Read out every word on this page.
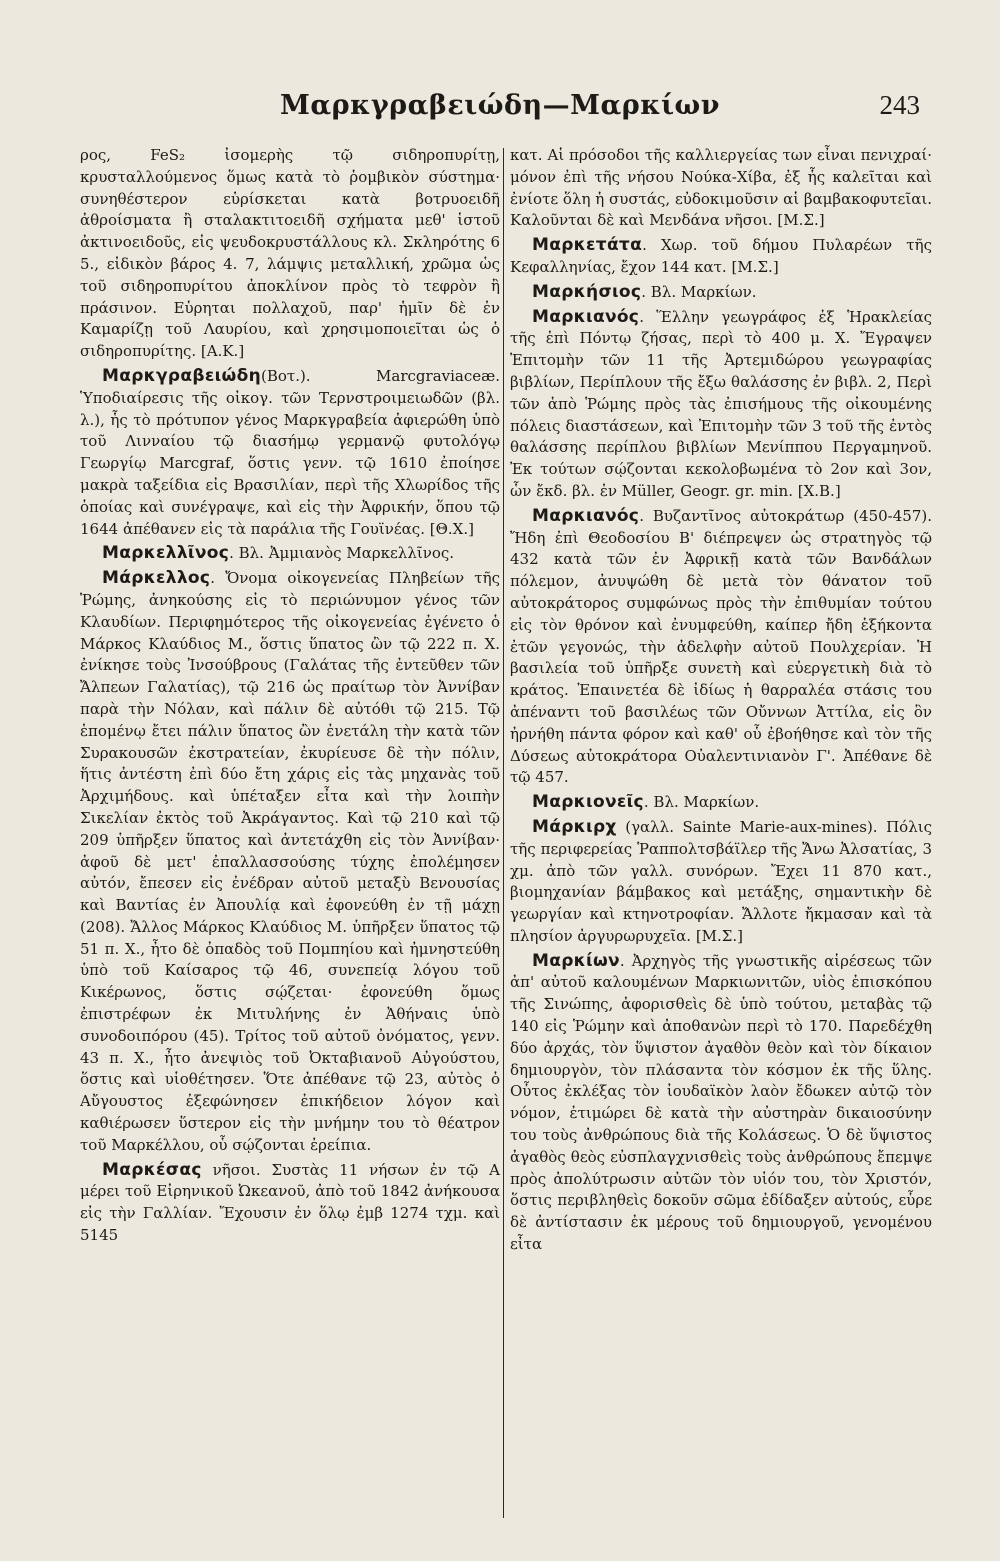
Μαρκγραβειώδη—Μαρκίων	243

ρος, FeS₂ ἰσομερὴς τῷ σιδηροπυρίτῃ, κρυσταλλούμενος ὅμως κατὰ τὸ ῥομβικὸν σύστημα· συνηθέστερον εὑρίσκεται κατὰ βοτρυοειδῆ ἀθροίσματα ἢ σταλακτιτοειδῆ σχήματα μεθ' ἱστοῦ ἀκτινοειδοῦς, εἰς ψευδοκρυστάλλους κλ. Σκληρότης 6 5., εἰδικὸν βάρος 4. 7, λάμψις μεταλλική, χρῶμα ὡς τοῦ σιδηροπυρίτου ἀποκλίνον πρὸς τὸ τεφρὸν ἢ πράσινον. Εὑρηται πολλαχοῦ, παρ' ἡμῖν δὲ ἐν Καμαρίζῃ τοῦ Λαυρίου, καὶ χρησιμοποιεῖται ὡς ὁ σιδηροπυρίτης. [Α.Κ.]

Μαρκγραβειώδη(Βοτ.). Marcgraviaceæ. Ὑποδιαίρεσις τῆς οἰκογ. τῶν Τερνστροιμειωδῶν (βλ. λ.), ἧς τὸ πρότυπον γένος Μαρκγραβεία ἀφιερώθη ὑπὸ τοῦ Λινναίου τῷ διασήμῳ γερμανῷ φυτολόγῳ Γεωργίῳ Marcgraf, ὅστις γενν. τῷ 1610 ἐποίησε μακρὰ ταξείδια εἰς Βρασιλίαν, περὶ τῆς Χλωρίδος τῆς ὁποίας καὶ συνέγραψε, καὶ εἰς τὴν Ἀφρικήν, ὅπου τῷ 1644 ἀπέθανεν εἰς τὰ παράλια τῆς Γουϊνέας. [Θ.Χ.]

Μαρκελλῖνος. Βλ. Ἀμμιανὸς Μαρκελλῖνος.

Μάρκελλος. Ὄνομα οἰκογενείας Πληβείων τῆς Ῥώμης, ἀνηκούσης εἰς τὸ περιώνυμον γένος τῶν Κλαυδίων. Περιφημότερος τῆς οἰκογενείας ἐγένετο ὁ Μάρκος Κλαύδιος Μ., ὅστις ὕπατος ὢν τῷ 222 π. Χ. ἐνίκησε τοὺς Ἰνσούβρους (Γαλάτας τῆς ἐντεῦθεν τῶν Ἄλπεων Γαλατίας), τῷ 216 ὡς πραίτωρ τὸν Ἀννίβαν παρὰ τὴν Νόλαν, καὶ πάλιν δὲ αὐτόθι τῷ 215. Τῷ ἑπομένῳ ἔτει πάλιν ὕπατος ὢν ἐνετάλη τὴν κατὰ τῶν Συρακουσῶν ἐκστρατείαν, ἐκυρίευσε δὲ τὴν πόλιν, ἥτις ἀντέστη ἐπὶ δύο ἔτη χάρις εἰς τὰς μηχανὰς τοῦ Ἀρχιμήδους. καὶ ὑπέταξεν εἶτα καὶ τὴν λοιπὴν Σικελίαν ἐκτὸς τοῦ Ἀκράγαντος. Καὶ τῷ 210 καὶ τῷ 209 ὑπῆρξεν ὕπατος καὶ ἀντετάχθη εἰς τὸν Ἀννίβαν· ἀφοῦ δὲ μετ' ἐπαλλασσούσης τύχης ἐπολέμησεν αὐτόν, ἔπεσεν εἰς ἐνέδραν αὐτοῦ μεταξὺ Βενουσίας καὶ Βαντίας ἐν Ἀπουλίᾳ καὶ ἐφονεύθη ἐν τῇ μάχῃ (208). Ἄλλος Μάρκος Κλαύδιος Μ. ὑπῆρξεν ὕπατος τῷ 51 π. Χ., ἦτο δὲ ὀπαδὸς τοῦ Πομπηίου καὶ ἠμνηστεύθη ὑπὸ τοῦ Καίσαρος τῷ 46, συνεπείᾳ λόγου τοῦ Κικέρωνος, ὅστις σῴζεται· ἐφονεύθη ὅμως ἐπιστρέφων ἐκ Μιτυλήνης ἐν Ἀθήναις ὑπὸ συνοδοιπόρου (45). Τρίτος τοῦ αὐτοῦ ὀνόματος, γενν. 43 π. Χ., ἦτο ἀνεψιὸς τοῦ Ὀκταβιανοῦ Αὐγούστου, ὅστις καὶ υἱοθέτησεν. Ὅτε ἀπέθανε τῷ 23, αὐτὸς ὁ Αὔγουστος ἐξεφώνησεν ἐπικήδειον λόγον καὶ καθιέρωσεν ὕστερον εἰς τὴν μνήμην του τὸ θέατρον τοῦ Μαρκέλλου, οὗ σῴζονται ἐρείπια.

Μαρκέσας νῆσοι. Συστὰς 11 νήσων ἐν τῷ Α μέρει τοῦ Εἰρηνικοῦ Ὠκεανοῦ, ἀπὸ τοῦ 1842 ἀνήκουσα εἰς τὴν Γαλλίαν. Ἔχουσιν ἐν ὅλῳ ἐμβ 1274 τχμ. καὶ 5145

κατ. Αἱ πρόσοδοι τῆς καλλιεργείας των εἶναι πενιχραί· μόνον ἐπὶ τῆς νήσου Νούκα-Χίβα, ἐξ ἧς καλεῖται καὶ ἐνίοτε ὅλη ἡ συστάς, εὐδοκιμοῦσιν αἱ βαμβακοφυτεῖαι. Καλοῦνται δὲ καὶ Μενδάνα νῆσοι. [Μ.Σ.]

Μαρκετάτα. Χωρ. τοῦ δήμου Πυλαρέων τῆς Κεφαλληνίας, ἔχον 144 κατ. [Μ.Σ.]

Μαρκήσιος. Βλ. Μαρκίων.

Μαρκιανός. Ἕλλην γεωγράφος ἐξ Ἡρακλείας τῆς ἐπὶ Πόντῳ ζήσας, περὶ τὸ 400 μ. Χ. Ἔγραψεν Ἐπιτομὴν τῶν 11 τῆς Ἀρτεμιδώρου γεωγραφίας βιβλίων, Περίπλουν τῆς ἔξω θαλάσσης ἐν βιβλ. 2, Περὶ τῶν ἀπὸ Ῥώμης πρὸς τὰς ἐπισήμους τῆς οἰκουμένης πόλεις διαστάσεων, καὶ Ἐπιτομὴν τῶν 3 τοῦ τῆς ἐντὸς θαλάσσης περίπλου βιβλίων Μενίππου Περγαμηνοῦ. Ἐκ τούτων σῴζονται κεκολοβωμένα τὸ 2ον καὶ 3ον, ὧν ἔκδ. βλ. ἐν Müller, Geogr. gr. min. [Χ.Β.]

Μαρκιανός. Βυζαντῖνος αὐτοκράτωρ (450-457). Ἤδη ἐπὶ Θεοδοσίου Β' διέπρεψεν ὡς στρατηγὸς τῷ 432 κατὰ τῶν ἐν Ἀφρικῇ κατὰ τῶν Βανδάλων πόλεμον, ἀνυψώθη δὲ μετὰ τὸν θάνατον τοῦ αὐτοκράτορος συμφώνως πρὸς τὴν ἐπιθυμίαν τούτου εἰς τὸν θρόνον καὶ ἐνυμφεύθη, καίπερ ἤδη ἑξήκοντα ἐτῶν γεγονώς, τὴν ἀδελφὴν αὐτοῦ Πουλχερίαν. Ἡ βασιλεία τοῦ ὑπῆρξε συνετὴ καὶ εὐεργετικὴ διὰ τὸ κράτος. Ἐπαινετέα δὲ ἰδίως ἡ θαρραλέα στάσις του ἀπέναντι τοῦ βασιλέως τῶν Οὔννων Ἀττίλα, εἰς ὃν ἠρνήθη πάντα φόρον καὶ καθ' οὗ ἐβοήθησε καὶ τὸν τῆς Δύσεως αὐτοκράτορα Οὐαλεντινιανὸν Γ'. Ἀπέθανε δὲ τῷ 457.

Μαρκιονεῖς. Βλ. Μαρκίων.

Μάρκιρχ (γαλλ. Sainte Marie-aux-mines). Πόλις τῆς περιφερείας Ῥαππολτσβάϊλερ τῆς Ἄνω Ἀλσατίας, 3 χμ. ἀπὸ τῶν γαλλ. συνόρων. Ἔχει 11 870 κατ., βιομηχανίαν βάμβακος καὶ μετάξης, σημαντικὴν δὲ γεωργίαν καὶ κτηνοτροφίαν. Ἄλλοτε ἤκμασαν καὶ τὰ πλησίον ἀργυρωρυχεῖα. [Μ.Σ.]

Μαρκίων. Ἀρχηγὸς τῆς γνωστικῆς αἱρέσεως τῶν ἀπ' αὐτοῦ καλουμένων Μαρκιωνιτῶν, υἱὸς ἐπισκόπου τῆς Σινώπης, ἀφορισθεὶς δὲ ὑπὸ τούτου, μεταβὰς τῷ 140 εἰς Ῥώμην καὶ ἀποθανὼν περὶ τὸ 170. Παρεδέχθη δύο ἀρχάς, τὸν ὕψιστον ἀγαθὸν θεὸν καὶ τὸν δίκαιον δημιουργὸν, τὸν πλάσαντα τὸν κόσμον ἐκ τῆς ὕλης. Οὗτος ἐκλέξας τὸν ἰουδαϊκὸν λαὸν ἔδωκεν αὐτῷ τὸν νόμον, ἐτιμώρει δὲ κατὰ τὴν αὐστηρὰν δικαιοσύνην του τοὺς ἀνθρώπους διὰ τῆς Κολάσεως. Ὁ δὲ ὕψιστος ἀγαθὸς θεὸς εὐσπλαγχνισθεὶς τοὺς ἀνθρώπους ἔπεμψε πρὸς ἀπολύτρωσιν αὐτῶν τὸν υἱόν του, τὸν Χριστόν, ὅστις περιβληθεὶς δοκοῦν σῶμα ἐδίδαξεν αὐτούς, εὗρε δὲ ἀντίστασιν ἐκ μέρους τοῦ δημιουργοῦ, γενομένου εἶτα
